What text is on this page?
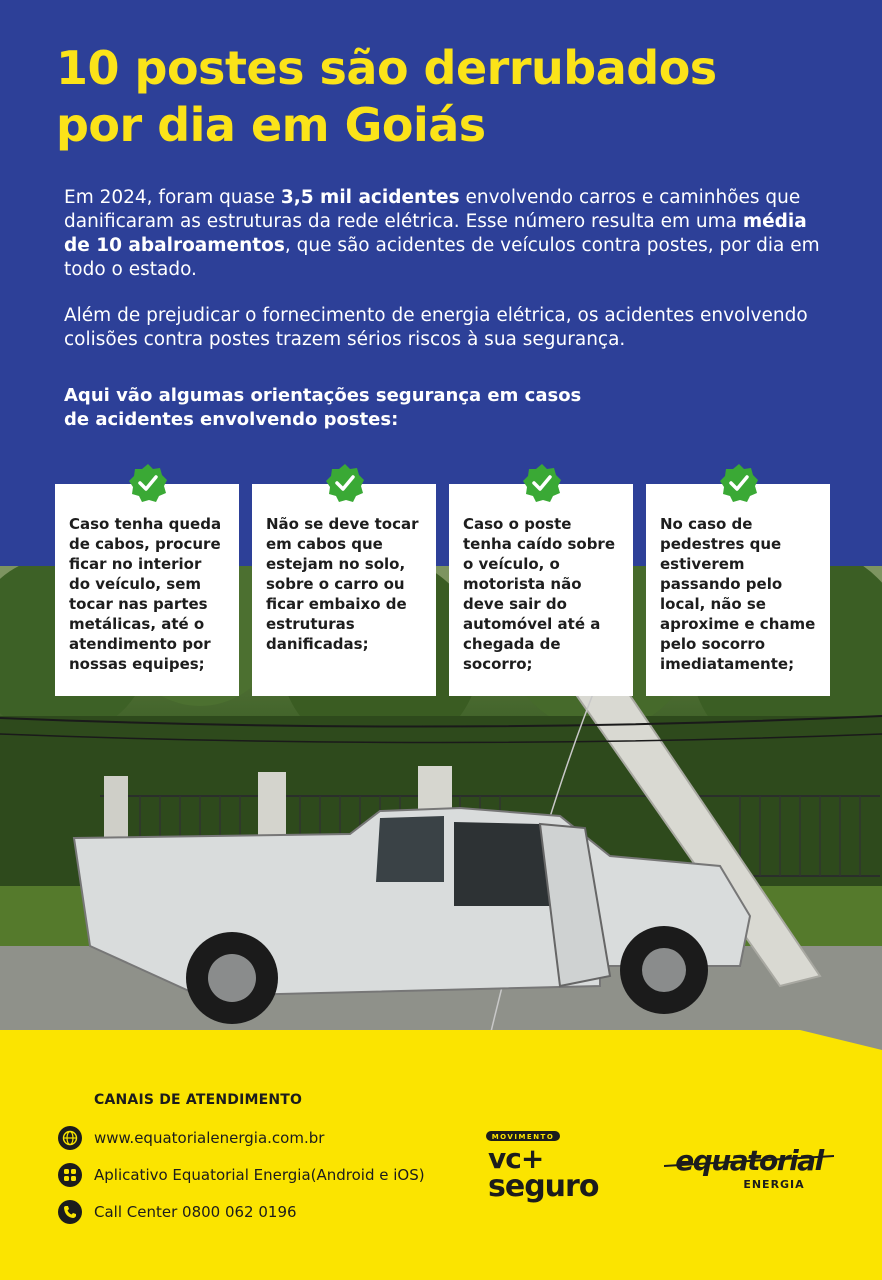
10 postes são derrubados
por dia em Goiás

Em 2024, foram quase 3,5 mil acidentes envolvendo carros e caminhões que danificaram as estruturas da rede elétrica. Esse número resulta em uma média de 10 abalroamentos, que são acidentes de veículos contra postes, por dia em todo o estado.

Além de prejudicar o fornecimento de energia elétrica, os acidentes envolvendo colisões contra postes trazem sérios riscos à sua segurança.

Aqui vão algumas orientações segurança em casos
de acidentes envolvendo postes:
Caso tenha queda de cabos, procure ficar no interior do veículo, sem tocar nas partes metálicas, até o atendimento por nossas equipes;
Não se deve tocar em cabos que estejam no solo, sobre o carro ou ficar embaixo de estruturas danificadas;
Caso o poste tenha caído sobre o veículo, o motorista não deve sair do automóvel até a chegada de socorro;
No caso de pedestres que estiverem passando pelo local, não se aproxime e chame pelo socorro imediatamente;
CANAIS DE ATENDIMENTO
www.equatorialenergia.com.br
Aplicativo Equatorial Energia(Android e iOS)
Call Center 0800 062 0196
MOVIMENTO
vc+
seguro
equatorial
ENERGIA
